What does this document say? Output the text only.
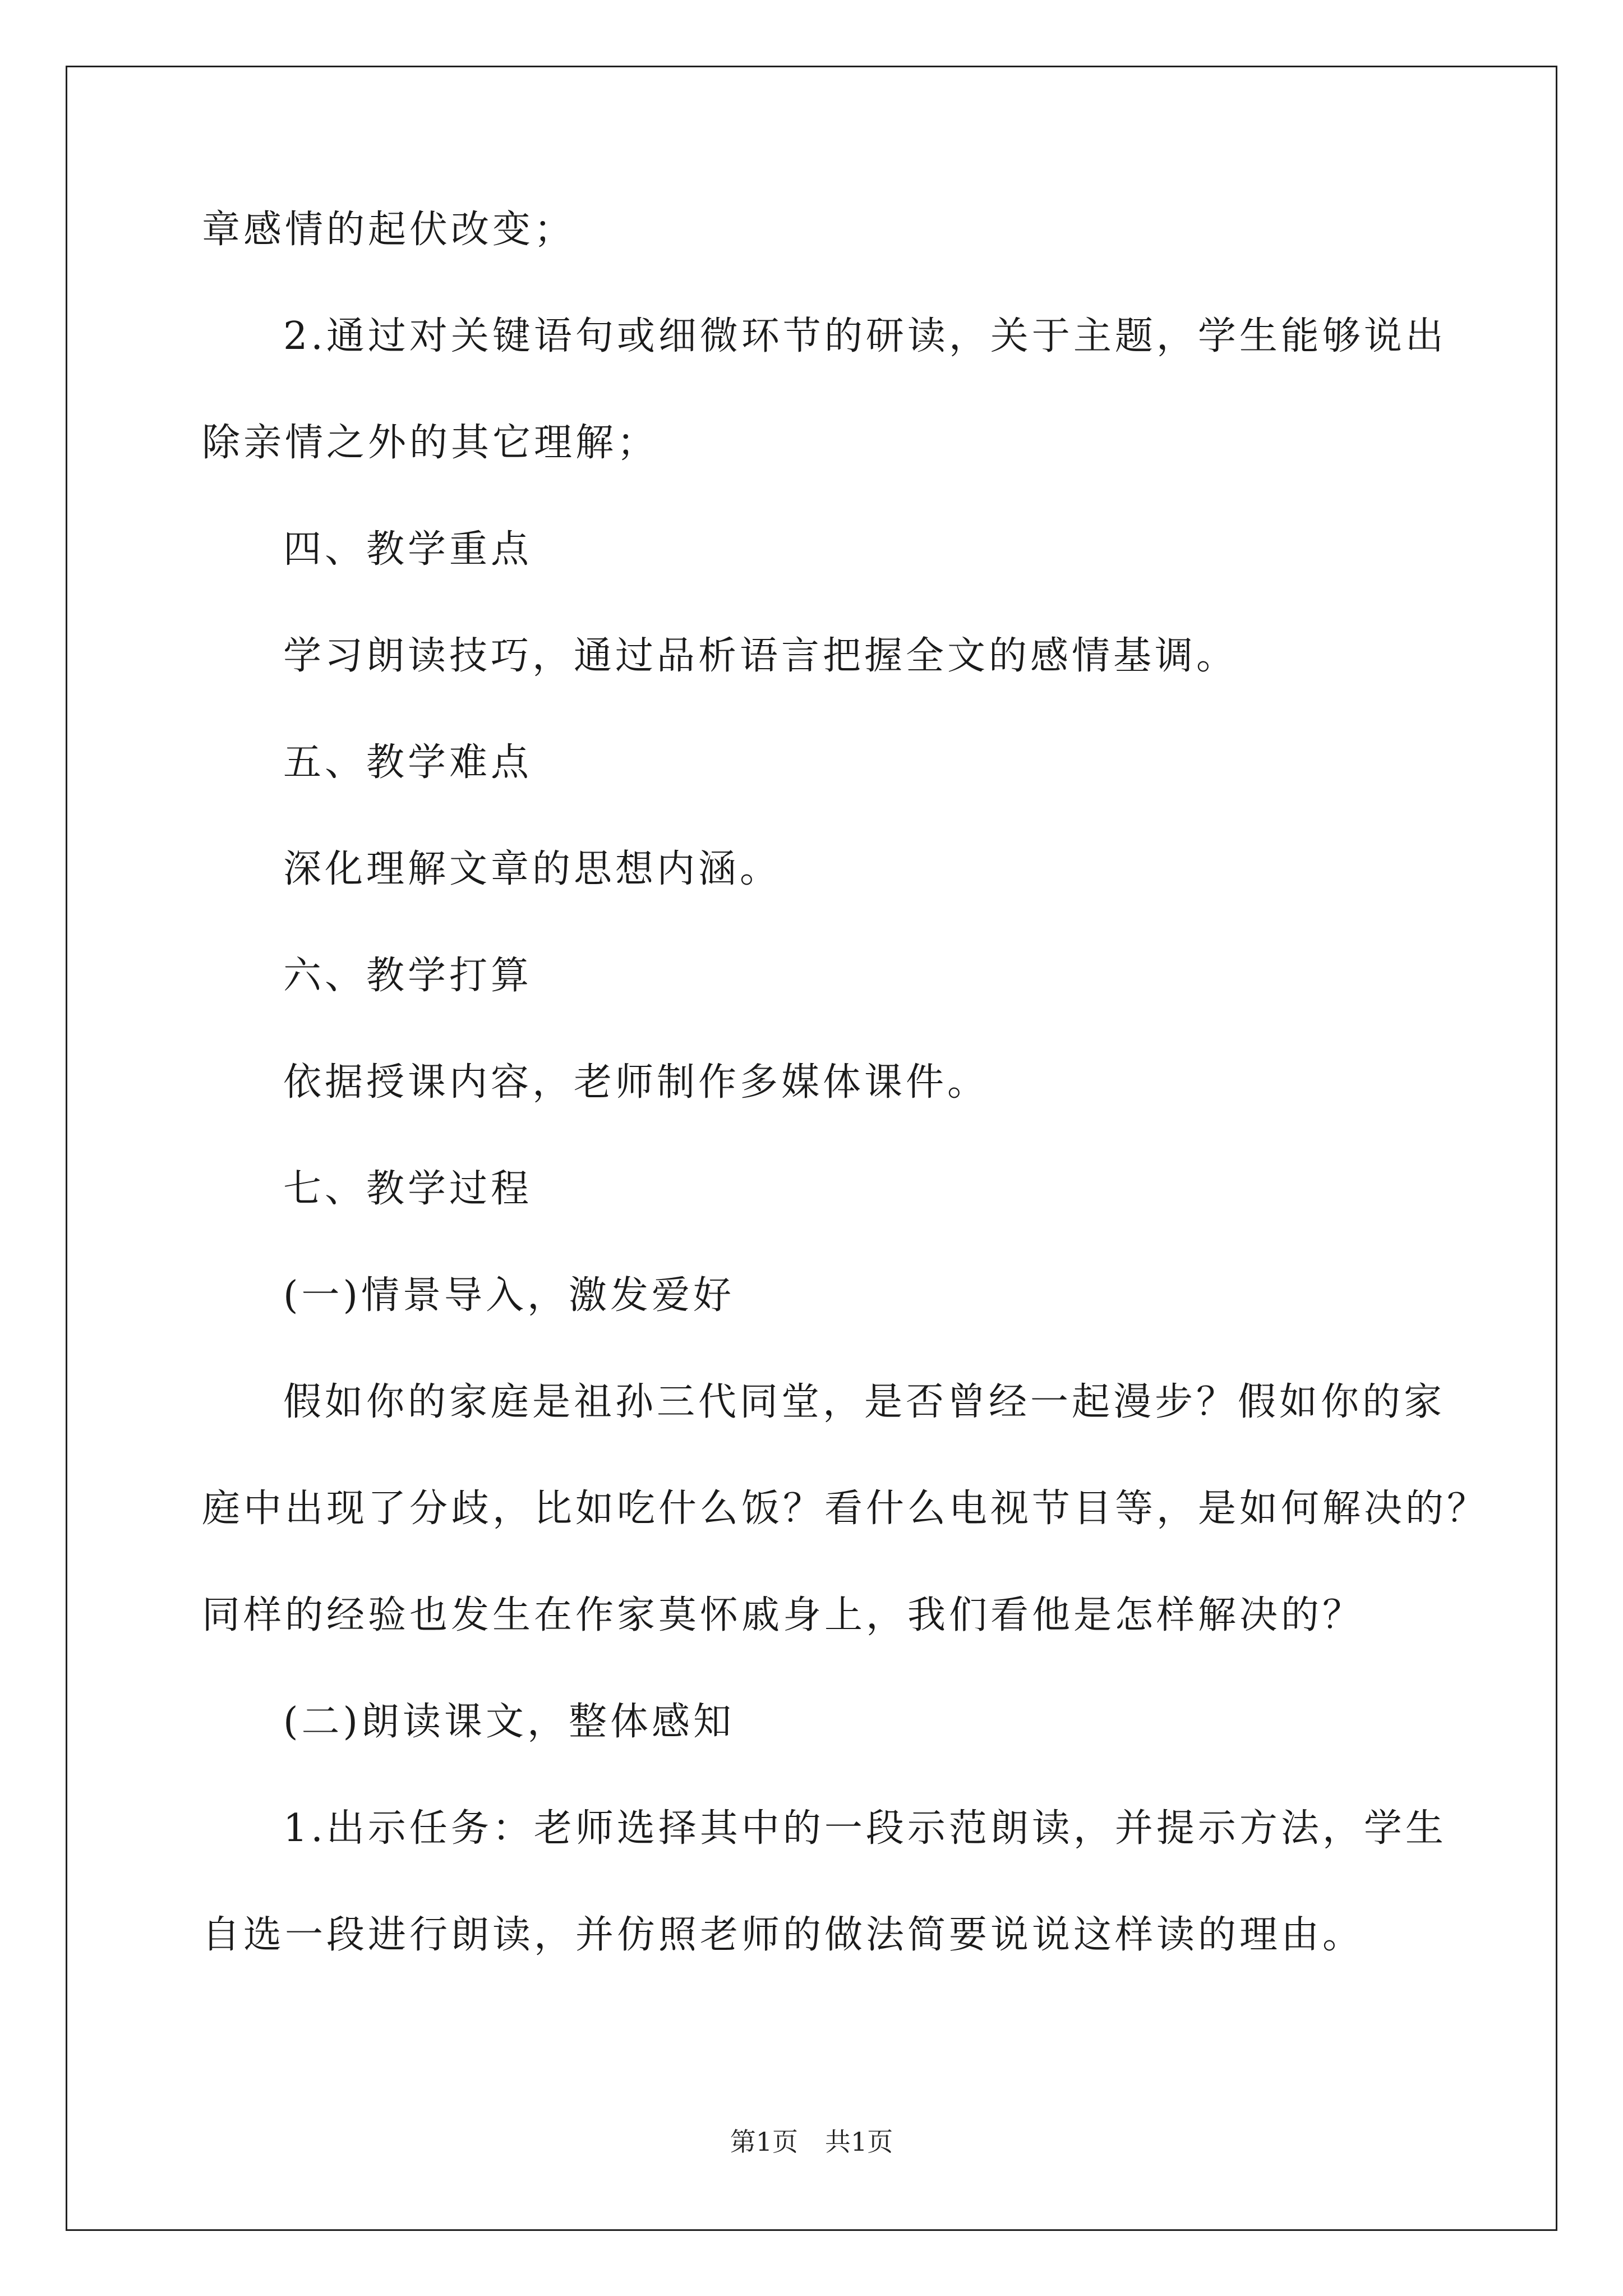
章感情的起伏改变；
2.通过对关键语句或细微环节的研读，关于主题，学生能够说出
除亲情之外的其它理解；
四、教学重点
学习朗读技巧，通过品析语言把握全文的感情基调。
五、教学难点
深化理解文章的思想内涵。
六、教学打算
依据授课内容，老师制作多媒体课件。
七、教学过程
(一)情景导入，激发爱好
假如你的家庭是祖孙三代同堂，是否曾经一起漫步？假如你的家
庭中出现了分歧，比如吃什么饭？看什么电视节目等，是如何解决的？
同样的经验也发生在作家莫怀戚身上，我们看他是怎样解决的？
(二)朗读课文，整体感知
1.出示任务：老师选择其中的一段示范朗读，并提示方法，学生
自选一段进行朗读，并仿照老师的做法简要说说这样读的理由。
第1页 共1页
